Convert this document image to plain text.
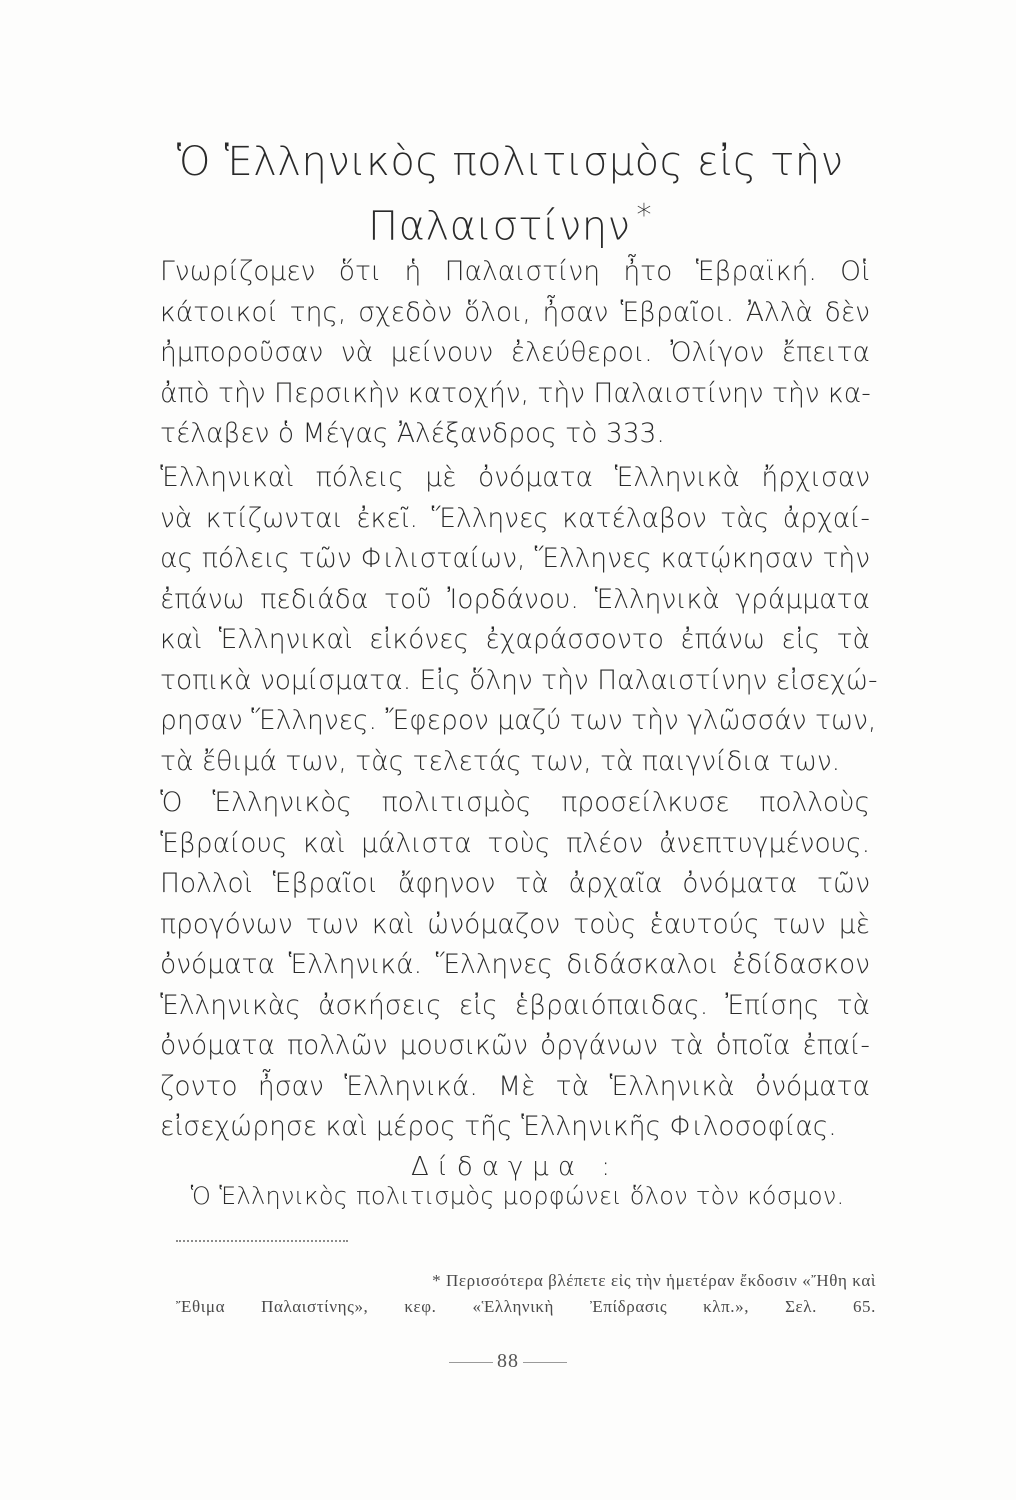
Ὁ Ἑλληνικὸς πολιτισμὸς εἰς τὴν
Παλαιστίνην *
Γνωρίζομεν ὅτι ἡ Παλαιστίνη ἦτο Ἑβραϊκή. Οἱ
κάτοικοί της, σχεδὸν ὅλοι, ἦσαν Ἑβραῖοι. Ἀλλὰ δὲν
ἠμποροῦσαν νὰ μείνουν ἐλεύθεροι. Ὀλίγον ἔπειτα
ἀπὸ τὴν Περσικὴν κατοχήν, τὴν Παλαιστίνην τὴν κα-
τέλαβεν ὁ Μέγας Ἀλέξανδρος τὸ 333.
Ἑλληνικαὶ πόλεις μὲ ὀνόματα Ἑλληνικὰ ἤρχισαν
νὰ κτίζωνται ἐκεῖ. Ἕλληνες κατέλαβον τὰς ἀρχαί-
ας πόλεις τῶν Φιλισταίων, Ἕλληνες κατῴκησαν τὴν
ἐπάνω πεδιάδα τοῦ Ἰορδάνου. Ἑλληνικὰ γράμματα
καὶ Ἑλληνικαὶ εἰκόνες ἐχαράσσοντο ἐπάνω εἰς τὰ
τοπικὰ νομίσματα. Εἰς ὅλην τὴν Παλαιστίνην εἰσεχώ-
ρησαν Ἕλληνες. Ἔφερον μαζύ των τὴν γλῶσσάν των,
τὰ ἔθιμά των, τὰς τελετάς των, τὰ παιγνίδια των.
Ὁ Ἑλληνικὸς πολιτισμὸς προσείλκυσε πολλοὺς
Ἑβραίους καὶ μάλιστα τοὺς πλέον ἀνεπτυγμένους.
Πολλοὶ Ἑβραῖοι ἄφηνον τὰ ἀρχαῖα ὀνόματα τῶν
προγόνων των καὶ ὠνόμαζον τοὺς ἑαυτούς των μὲ
ὀνόματα Ἑλληνικά. Ἕλληνες διδάσκαλοι ἐδίδασκον
Ἑλληνικὰς ἀσκήσεις εἰς ἑβραιόπαιδας. Ἐπίσης τὰ
ὀνόματα πολλῶν μουσικῶν ὀργάνων τὰ ὁποῖα ἐπαί-
ζοντο ἦσαν Ἑλληνικά. Μὲ τὰ Ἑλληνικὰ ὀνόματα
εἰσεχώρησε καὶ μέρος τῆς Ἑλληνικῆς Φιλοσοφίας.
Δίδαγμα :
Ὁ Ἑλληνικὸς πολιτισμὸς μορφώνει ὅλον τὸν κόσμον.
* Περισσότερα βλέπετε εἰς τὴν ἡμετέραν ἔκδοσιν «Ἤθη καὶ
Ἔθιμα Παλαιστίνης», κεφ. «Ἑλληνικὴ Ἐπίδρασις κλπ.», Σελ. 65.
88
